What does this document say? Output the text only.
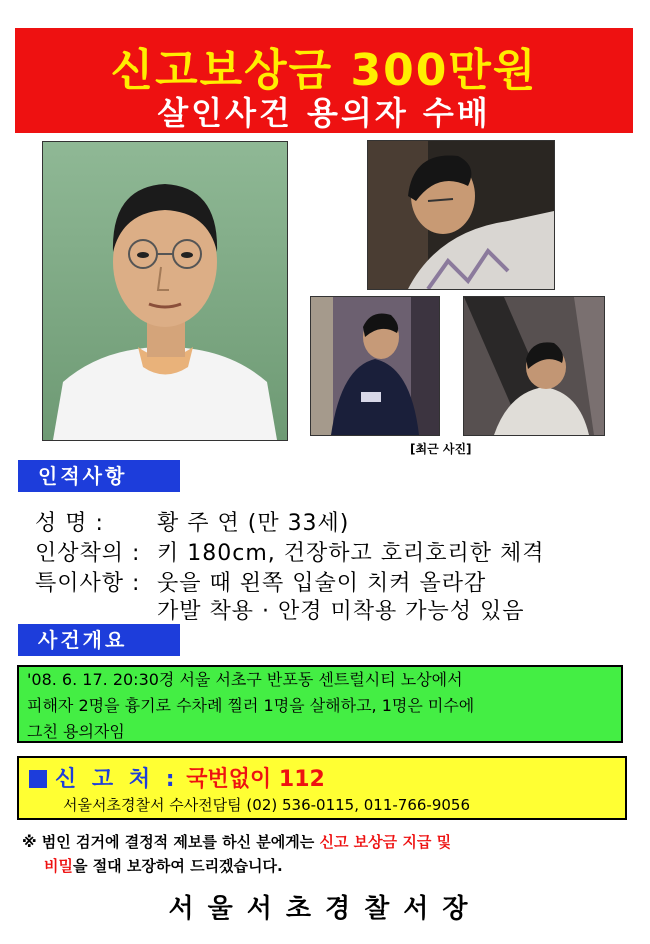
신고보상금 300만원
살인사건 용의자 수배
[최근 사진]
인적사항
성 명 : 황 주 연 (만 33세)
인상착의 : 키 180cm, 건장하고 호리호리한 체격
특이사항 : 웃을 때 왼쪽 입술이 치켜 올라감
가발 착용 · 안경 미착용 가능성 있음
사건개요
'08. 6. 17. 20:30경 서울 서초구 반포동 센트럴시티 노상에서
피해자 2명을 흉기로 수차례 찔러 1명을 살해하고, 1명은 미수에
그친 용의자임
신 고 처 : 국번없이 112
서울서초경찰서 수사전담팀 (02) 536-0115, 011-766-9056
※ 범인 검거에 결정적 제보를 하신 분에게는 신고 보상금 지급 및
비밀을 절대 보장하여 드리겠습니다.
서울서초경찰서장
